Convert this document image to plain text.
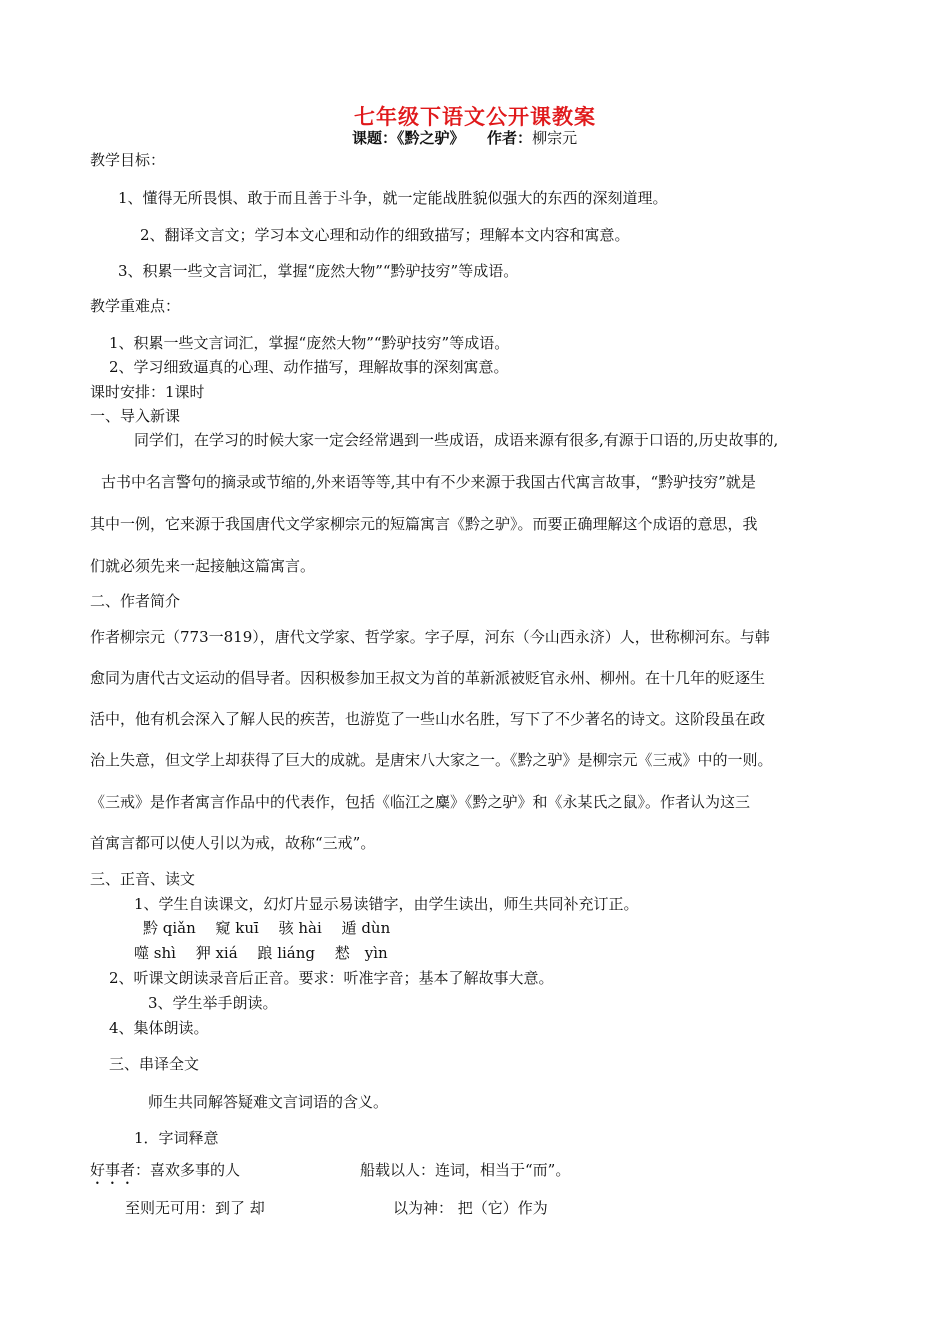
七年级下语文公开课教案
课题：《黔之驴》　　 作者：柳宗元
教学目标：
1、懂得无所畏惧、敢于而且善于斗争，就一定能战胜貌似强大的东西的深刻道理。
2、翻译文言文；学习本文心理和动作的细致描写；理解本文内容和寓意。
3、积累一些文言词汇，掌握“庞然大物”“黔驴技穷”等成语。
教学重难点：
1、积累一些文言词汇，掌握“庞然大物”“黔驴技穷”等成语。
2、学习细致逼真的心理、动作描写，理解故事的深刻寓意。
课时安排：1课时
一、导入新课
同学们，在学习的时候大家一定会经常遇到一些成语，成语来源有很多,有源于口语的,历史故事的,
古书中名言警句的摘录或节缩的,外来语等等,其中有不少来源于我国古代寓言故事，“黔驴技穷”就是
其中一例，它来源于我国唐代文学家柳宗元的短篇寓言《黔之驴》。而要正确理解这个成语的意思，我
们就必须先来一起接触这篇寓言。
二、作者简介
作者柳宗元（773一819），唐代文学家、哲学家。字子厚，河东（今山西永济）人，世称柳河东。与韩
愈同为唐代古文运动的倡导者。因积极参加王叔文为首的革新派被贬官永州、柳州。在十几年的贬逐生
活中，他有机会深入了解人民的疾苦，也游览了一些山水名胜，写下了不少著名的诗文。这阶段虽在政
治上失意，但文学上却获得了巨大的成就。是唐宋八大家之一。《黔之驴》是柳宗元《三戒》中的一则。
《三戒》是作者寓言作品中的代表作，包括《临江之麋》《黔之驴》和《永某氏之鼠》。作者认为这三
首寓言都可以使人引以为戒，故称“三戒”。
三、正音、读文
1、学生自读课文，幻灯片显示易读错字，由学生读出，师生共同补充订正。
黔 qiǎn　 窥 kuī　 骇 hài　 遁 dùn
噬 shì　 狎 xiá　 踉 liáng　 慭　yìn
2、听课文朗读录音后正音。要求：听准字音；基本了解故事大意。
3、学生举手朗读。
4、集体朗读。
三、串译全文
师生共同解答疑难文言词语的含义。
1．字词释意
好事者：喜欢多事的人	船载以人：连词，相当于“而”。
至则无可用：到了 却	以为神： 把（它）作为
